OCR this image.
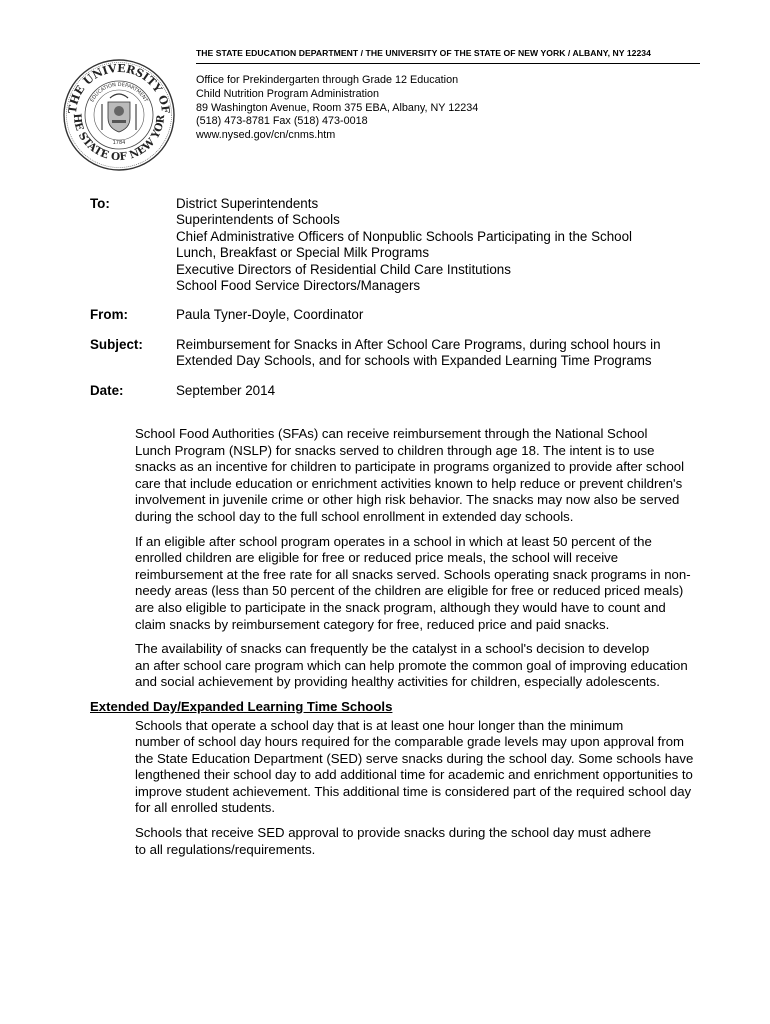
THE UNIVERSITY OF
HE STATE OF NEW YOR
EDUCATION DEPARTMENT
1784
THE STATE EDUCATION DEPARTMENT / THE UNIVERSITY OF THE STATE OF NEW YORK / ALBANY, NY 12234
Office for Prekindergarten through Grade 12 Education
Child Nutrition Program Administration
89 Washington Avenue, Room 375 EBA, Albany, NY 12234
(518) 473-8781 Fax (518) 473-0018
www.nysed.gov/cn/cnms.htm
To:	District Superintendents
Superintendents of Schools
Chief Administrative Officers of Nonpublic Schools Participating in the School
Lunch, Breakfast or Special Milk Programs
Executive Directors of Residential Child Care Institutions
School Food Service Directors/Managers
From:	Paula Tyner-Doyle, Coordinator
Subject: Reimbursement for Snacks in After School Care Programs, during school hours in
Extended Day Schools, and for schools with Expanded Learning Time Programs
Date:	September 2014
School Food Authorities (SFAs) can receive reimbursement through the National School
Lunch Program (NSLP) for snacks served to children through age 18. The intent is to use
snacks as an incentive for children to participate in programs organized to provide after school
care that include education or enrichment activities known to help reduce or prevent children's
involvement in juvenile crime or other high risk behavior. The snacks may now also be served
during the school day to the full school enrollment in extended day schools.
If an eligible after school program operates in a school in which at least 50 percent of the
enrolled children are eligible for free or reduced price meals, the school will receive
reimbursement at the free rate for all snacks served. Schools operating snack programs in non-
needy areas (less than 50 percent of the children are eligible for free or reduced priced meals)
are also eligible to participate in the snack program, although they would have to count and
claim snacks by reimbursement category for free, reduced price and paid snacks.
The availability of snacks can frequently be the catalyst in a school's decision to develop
an after school care program which can help promote the common goal of improving education
and social achievement by providing healthy activities for children, especially adolescents.
Extended Day/Expanded Learning Time Schools
Schools that operate a school day that is at least one hour longer than the minimum
number of school day hours required for the comparable grade levels may upon approval from
the State Education Department (SED) serve snacks during the school day. Some schools have
lengthened their school day to add additional time for academic and enrichment opportunities to
improve student achievement. This additional time is considered part of the required school day
for all enrolled students.
Schools that receive SED approval to provide snacks during the school day must adhere
to all regulations/requirements.
